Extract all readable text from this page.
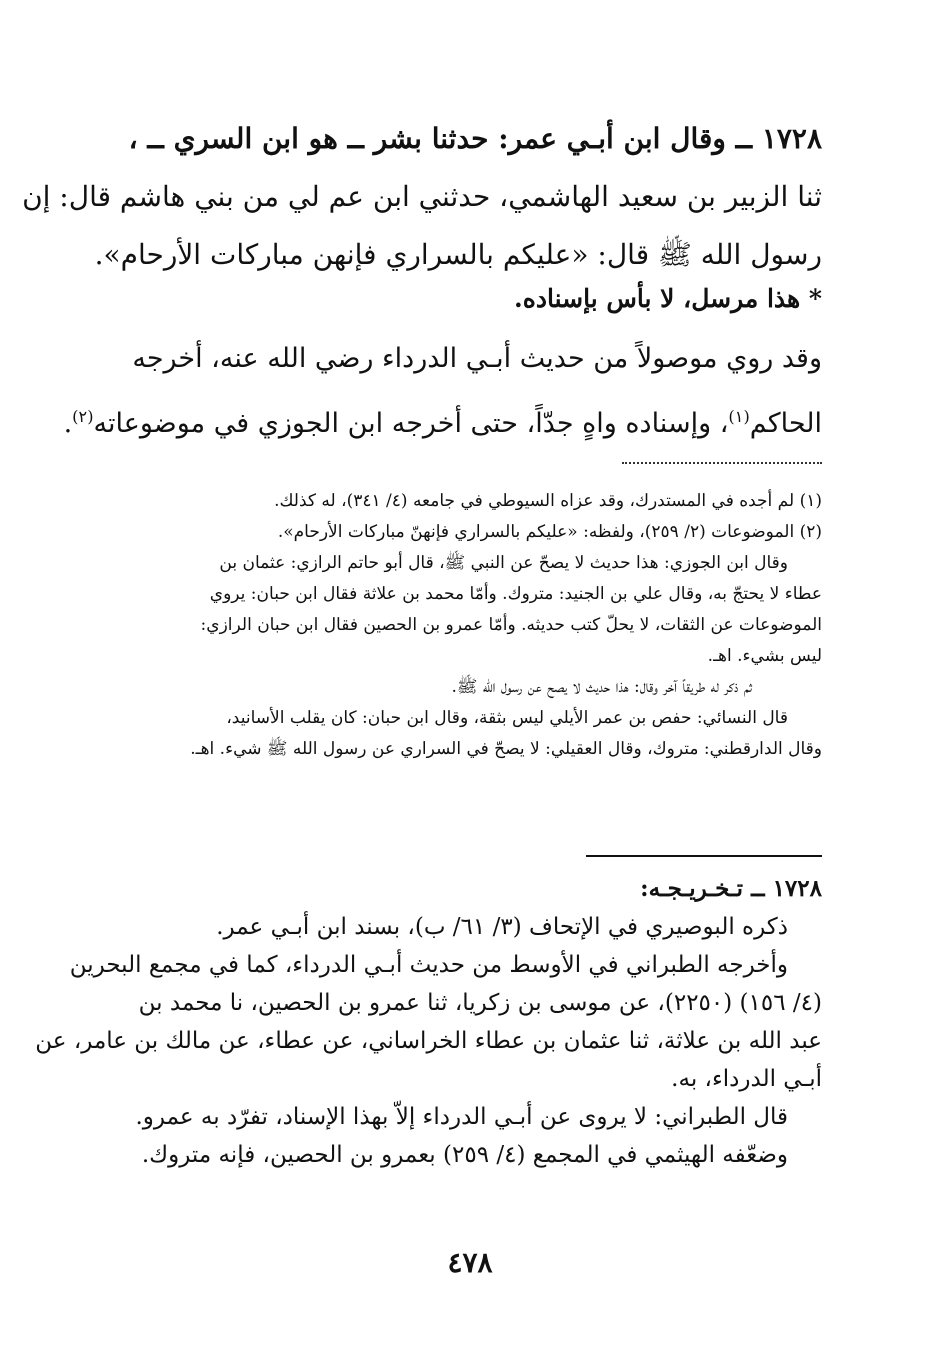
١٧٢٨ ــ وقال ابن أبـي عمر: حدثنا بشر ــ هو ابن السري ــ ،
ثنا الزبير بن سعيد الهاشمي، حدثني ابن عم لي من بني هاشم قال: إن
رسول الله ﷺ قال: «عليكم بالسراري فإنهن مباركات الأرحام».
* هذا مرسل، لا بأس بإسناده.
وقد روي موصولاً من حديث أبـي الدرداء رضي الله عنه، أخرجه
الحاكم$^{(١)}$، وإسناده واهٍ جدّاً، حتى أخرجه ابن الجوزي في موضوعاته$^{(٢)}$.
(١) لم أجده في المستدرك، وقد عزاه السيوطي في جامعه (٤/ ٣٤١)، له كذلك.
(٢) الموضوعات (٢/ ٢٥٩)، ولفظه: «عليكم بالسراري فإنهنّ مباركات الأرحام».
وقال ابن الجوزي: هذا حديث لا يصحّ عن النبي ﷺ، قال أبو حاتم الرازي: عثمان بن
عطاء لا يحتجّ به، وقال علي بن الجنيد: متروك. وأمّا محمد بن علاثة فقال ابن حبان: يروي
الموضوعات عن الثقات، لا يحلّ كتب حديثه. وأمّا عمرو بن الحصين فقال ابن حبان الرازي:
ليس بشيء. اهـ.
ثم ذكر له طريقاً آخر وقال: هذا حديث لا يصح عن رسول الله ﷺ.
قال النسائي: حفص بن عمر الأيلي ليس بثقة، وقال ابن حبان: كان يقلب الأسانيد،
وقال الدارقطني: متروك، وقال العقيلي: لا يصحّ في السراري عن رسول الله ﷺ شيء. اهـ.
١٧٢٨ ــ تـخـريـجـه:
ذكره البوصيري في الإتحاف (٣/ ٦١/ ب)، بسند ابن أبـي عمر.
وأخرجه الطبراني في الأوسط من حديث أبـي الدرداء، كما في مجمع البحرين
(٤/ ١٥٦) (٢٢٥٠)، عن موسى بن زكريا، ثنا عمرو بن الحصين، نا محمد بن
عبد الله بن علاثة، ثنا عثمان بن عطاء الخراساني، عن عطاء، عن مالك بن عامر، عن
أبـي الدرداء، به.
قال الطبراني: لا يروى عن أبـي الدرداء إلاّ بهذا الإسناد، تفرّد به عمرو.
وضعّفه الهيثمي في المجمع (٤/ ٢٥٩) بعمرو بن الحصين، فإنه متروك.
٤٧٨
